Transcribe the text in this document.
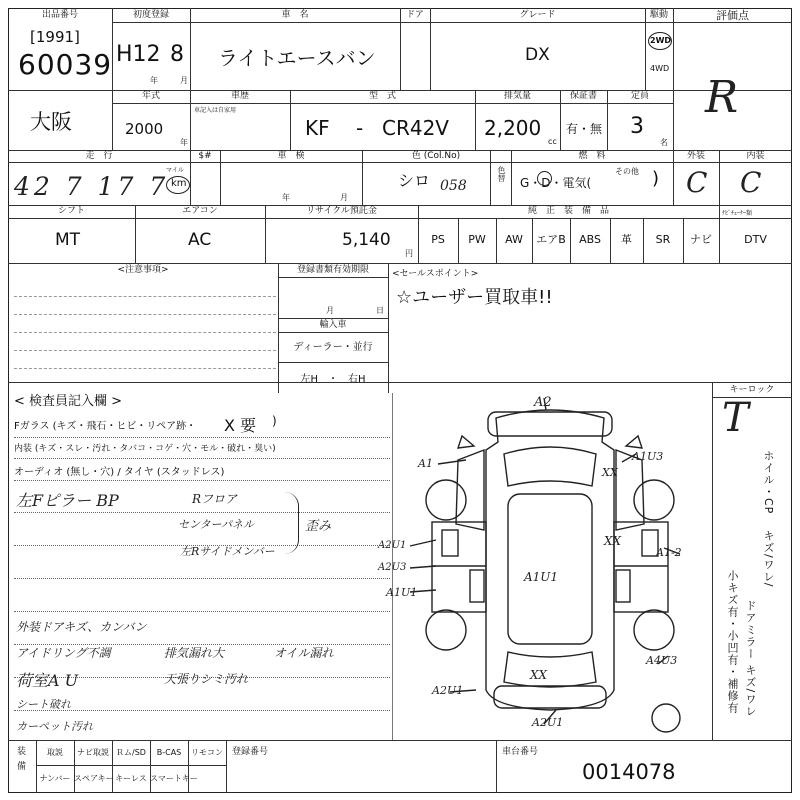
出品番号
[1991]
60039
初度登録
H12 8
年	月
車　名
ライトエースバン
ドア	グレード
DX
駆動
2WD
4WD
評価点
R
大阪
年式
2000
年
車歴
車記入は自家用
型　式
KF - CR42V
排気量
2,200
cc
保証書
有・無
定員
3
名
走　行
42 7 17 7
マイル
km
$#	車　検
年	月
色 (Col.No)
シロ 058
色替
燃　料
G・D・電気(
その他 )
外装
C
内装
C
シフト
MT
エアコン
AC
リサイクル預託金
5,140
円
純　正　装　備　品	ﾅﾋﾞﾁｭｰﾅｰ類
PS	PW	AW	エアB	ABS	革	SR	ナビ	DTV
<注意事項>	登録書類有効期限
月	日
輸入車
ディーラー・並行
左H　・　右H
<セールスポイント>
☆ユーザー買取車!!
< 検査員記入欄 >
Fガラス (キズ・飛石・ヒビ・リペア跡・ X 要 )
内装 (キズ・スレ・汚れ・タバコ・コゲ・穴・モル・破れ・臭い)
オーディオ (無し・穴) / タイヤ (スタッドレス)
左Fピラー BP	Rフロア
センターパネル
左Rサイドメンバー
歪み
外装ドアキズ、カンバン
アイドリング不調	排気漏れ大	オイル漏れ
荷室A U	天張りシミ汚れ
シート破れ
カーペット汚れ
A2
A1
A1U3
XX
A2U1
A2U3
A1U1
XX
A1-2
A1U1
XX
A4U3
A2U1
A2U1
キーロック
T
ホイル・CP
キズ/ワレ/
ドアミラー キズ/ワレ
小キズ有・小凹有・補修有
装備	取説	ナビ取説 Ｒム/SD	B-CAS	リモコン
ナンバー スペアキー キーレス スマートキー
登録番号	車台番号
0014078
